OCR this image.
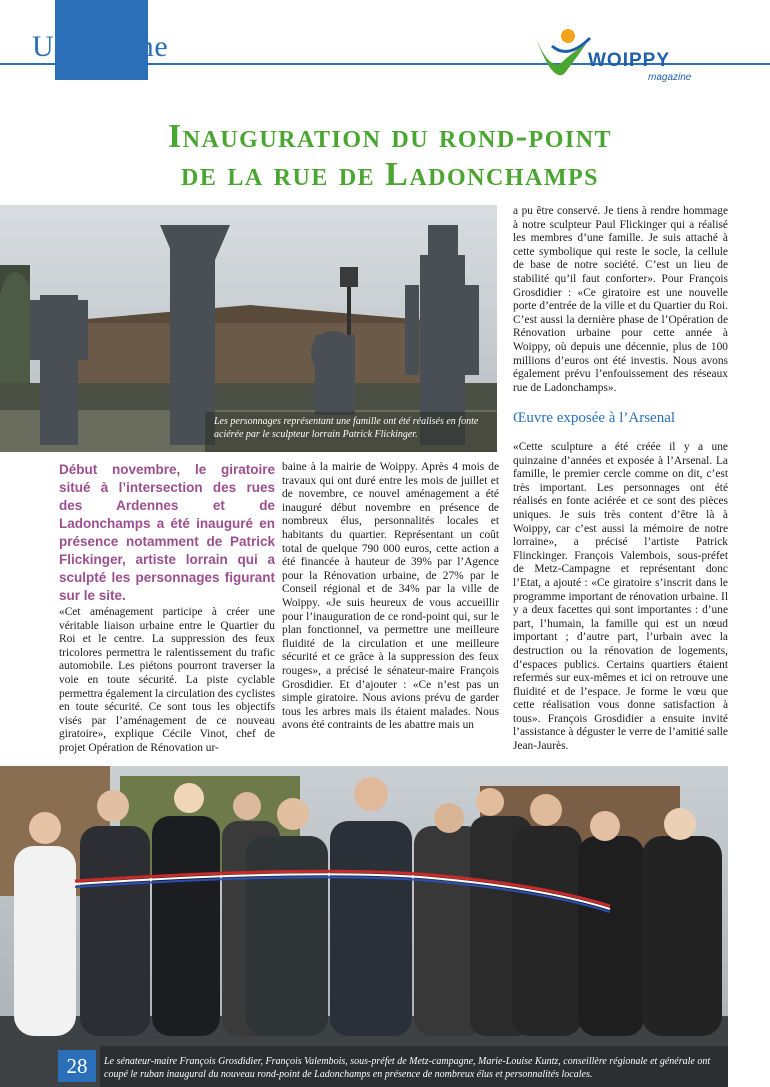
Urbanisme	WOIPPY
magazine
Inauguration du rond-point
de la rue de Ladonchamps
Les personnages représentant une famille ont été réalisés en fonte aciérée par le sculpteur lorrain Patrick Flickinger.
Début novembre, le giratoire situé à l’intersection des rues des Ardennes et de Ladonchamps a été inauguré en présence notamment de Patrick Flickinger, artiste lorrain qui a sculpté les personnages figurant sur le site.
«Cet aménagement participe à créer une véritable liaison urbaine entre le Quartier du Roi et le centre. La suppression des feux tricolores permettra le ralentissement du trafic automobile. Les piétons pourront traverser la voie en toute sécurité. La piste cyclable permettra également la circulation des cyclistes en toute sécurité. Ce sont tous les objectifs visés par l’aménagement de ce nouveau giratoire», explique Cécile Vinot, chef de projet Opération de Rénovation ur-
baine à la mairie de Woippy. Après 4 mois de travaux qui ont duré entre les mois de juillet et de novembre, ce nouvel aménagement a été inauguré début novembre en présence de nombreux élus, personnalités locales et habitants du quartier. Représentant un coût total de quelque 790 000 euros, cette action a été financée à hauteur de 39% par l’Agence pour la Rénovation urbaine, de 27% par le Conseil régional et de 34% par la ville de Woippy. «Je suis heureux de vous accueillir pour l’inauguration de ce rond-point qui, sur le plan fonctionnel, va permettre une meilleure fluidité de la circulation et une meilleure sécurité et ce grâce à la suppression des feux rouges», a précisé le sénateur-maire François Grosdidier. Et d’ajouter : «Ce n’est pas un simple giratoire. Nous avions prévu de garder tous les arbres mais ils étaient malades. Nous avons été contraints de les abattre mais un
a pu être conservé. Je tiens à rendre hommage à notre sculpteur Paul Flickinger qui a réalisé les membres d’une famille. Je suis attaché à cette symbolique qui reste le socle, la cellule de base de notre société. C’est un lieu de stabilité qu’il faut conforter». Pour François Grosdidier : «Ce giratoire est une nouvelle porte d’entrée de la ville et du Quartier du Roi. C’est aussi la dernière phase de l’Opération de Rénovation urbaine pour cette année à Woippy, où depuis une décennie, plus de 100 millions d’euros ont été investis. Nous avons également prévu l’enfouissement des réseaux rue de Ladonchamps».
Œuvre exposée à l’Arsenal
«Cette sculpture a été créée il y a une quinzaine d’années et exposée à l’Arsenal. La famille, le premier cercle comme on dit, c’est très important. Les personnages ont été réalisés en fonte aciérée et ce sont des pièces uniques. Je suis très content d’être là à Woippy, car c’est aussi la mémoire de notre lorraine», a précisé l’artiste Patrick Flinckinger. François Valembois, sous-préfet de Metz-Campagne et représentant donc l’Etat, a ajouté : «Ce giratoire s’inscrit dans le programme important de rénovation urbaine. Il y a deux facettes qui sont importantes : d’une part, l’humain, la famille qui est un nœud important ; d’autre part, l’urbain avec la destruction ou la rénovation de logements, d’espaces publics. Certains quartiers étaient refermés sur eux-mêmes et ici on retrouve une fluidité et de l’espace. Je forme le vœu que cette réalisation vous donne satisfaction à tous». François Grosdidier a ensuite invité l’assistance à déguster le verre de l’amitié salle Jean-Jaurès.
Le sénateur-maire François Grosdidier, François Valembois, sous-préfet de Metz-campagne, Marie-Louise Kuntz, conseillère régionale et générale ont coupé le ruban inaugural du nouveau rond-point de Ladonchamps en présence de nombreux élus et personnalités locales.
28
